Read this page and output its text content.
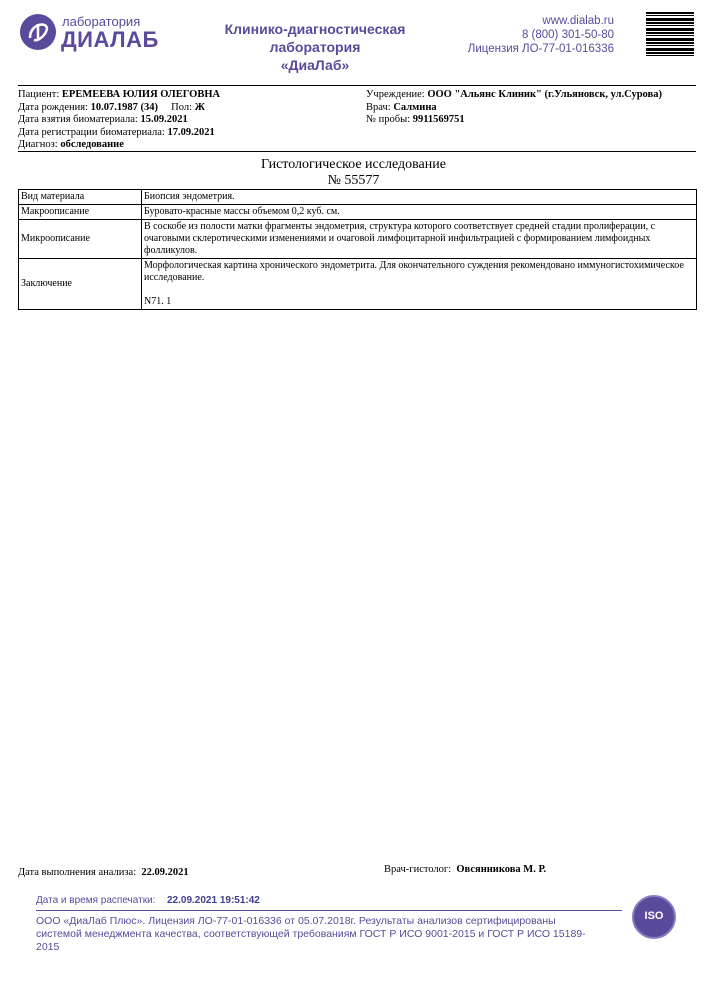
лаборатория
ДИАЛАБ	Клинико-диагностическая лаборатория
«ДиаЛаб»
www.dialab.ru
8 (800) 301-50-80
Лицензия ЛО-77-01-016336
Пациент: ЕРЕМЕЕВА ЮЛИЯ ОЛЕГОВНА
Дата рождения: 10.07.1987 (34) Пол: Ж
Дата взятия биоматериала: 15.09.2021
Дата регистрации биоматериала: 17.09.2021
Диагноз: обследование
Учреждение: ООО "Альянс Клиник" (г.Ульяновск, ул.Сурова)
Врач: Салмина
№ пробы: 9911569751
Гистологическое исследование
№ 55577
Вид материала	Биопсия эндометрия.
Макроописание	Буровато-красные массы объемом 0,2 куб. см.
Микроописание	В соскобе из полости матки фрагменты эндометрия, структура которого соответствует средней стадии пролиферации, с очаговыми склеротическими изменениями и очаговой лимфоцитарной инфильтрацией с формированием лимфоидных фолликулов.
Заключение	Морфологическая картина хронического эндометрита. Для окончательного суждения рекомендовано иммуногистохимическое исследование.
N71. 1
Дата выполнения анализа: 22.09.2021	Врач-гистолог: Овсянникова М. Р.
Дата и время распечатки: 22.09.2021 19:51:42
ООО «ДиаЛаб Плюс». Лицензия ЛО-77-01-016336 от 05.07.2018г. Результаты анализов сертифицированы системой менеджмента качества, соответствующей требованиям ГОСТ Р ИСО 9001-2015 и ГОСТ Р ИСО 15189-2015
ISO
